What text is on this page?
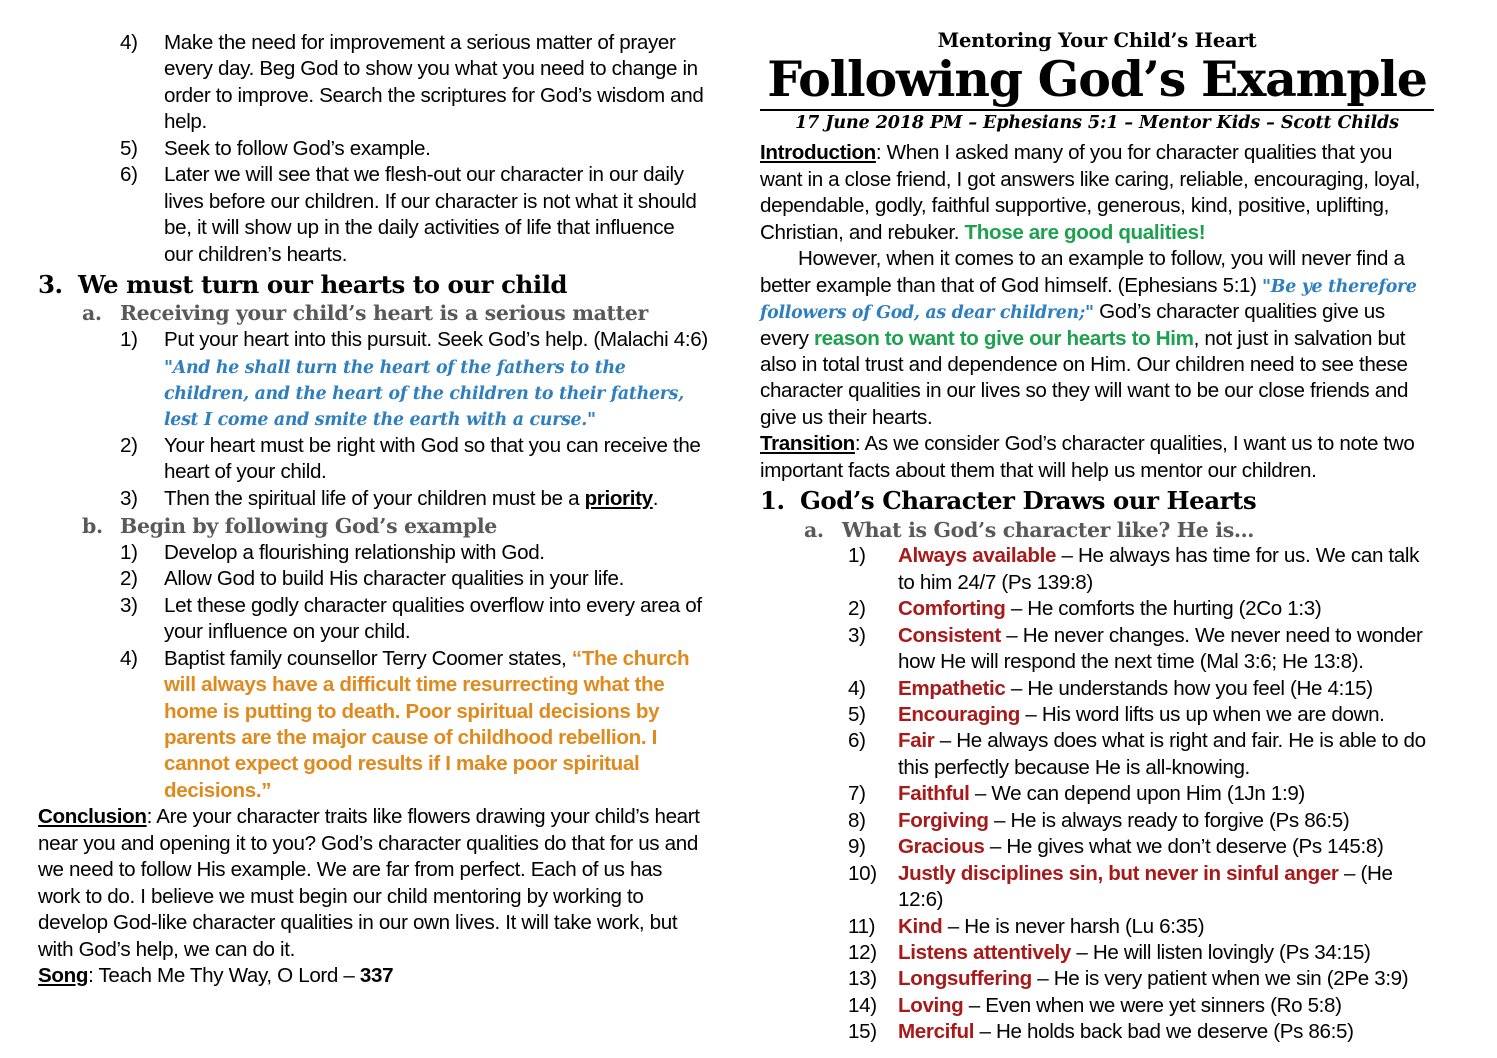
4)	Make the need for improvement a serious matter of prayer every day. Beg God to show you what you need to change in order to improve. Search the scriptures for God’s wisdom and help.
5)	Seek to follow God’s example.
6)	Later we will see that we flesh-out our character in our daily lives before our children. If our character is not what it should be, it will show up in the daily activities of life that influence our children’s hearts.
3. We must turn our hearts to our child
a. Receiving your child’s heart is a serious matter
1)	Put your heart into this pursuit. Seek God’s help. (Malachi 4:6) "And he shall turn the heart of the fathers to the children, and the heart of the children to their fathers, lest I come and smite the earth with a curse."
2)	Your heart must be right with God so that you can receive the heart of your child.
3)	Then the spiritual life of your children must be a priority.
b. Begin by following God’s example
1)	Develop a flourishing relationship with God.
2)	Allow God to build His character qualities in your life.
3)	Let these godly character qualities overflow into every area of your influence on your child.
4)	Baptist family counsellor Terry Coomer states, “The church will always have a difficult time resurrecting what the home is putting to death. Poor spiritual decisions by parents are the major cause of childhood rebellion. I cannot expect good results if I make poor spiritual decisions.”

Conclusion: Are your character traits like flowers drawing your child’s heart near you and opening it to you? God’s character qualities do that for us and we need to follow His example. We are far from perfect. Each of us has work to do. I believe we must begin our child mentoring by working to develop God-like character qualities in our own lives. It will take work, but with God’s help, we can do it.

Song: Teach Me Thy Way, O Lord – 337

Mentoring Your Child’s Heart
Following God’s Example
17 June 2018 PM – Ephesians 5:1 – Mentor Kids – Scott Childs

Introduction: When I asked many of you for character qualities that you want in a close friend, I got answers like caring, reliable, encouraging, loyal, dependable, godly, faithful supportive, generous, kind, positive, uplifting, Christian, and rebuker. Those are good qualities!

However, when it comes to an example to follow, you will never find a better example than that of God himself. (Ephesians 5:1) "Be ye therefore followers of God, as dear children;" God’s character qualities give us every reason to want to give our hearts to Him, not just in salvation but also in total trust and dependence on Him. Our children need to see these character qualities in our lives so they will want to be our close friends and give us their hearts.

Transition: As we consider God’s character qualities, I want us to note two important facts about them that will help us mentor our children.

1. God’s Character Draws our Hearts
a. What is God’s character like? He is…
1)	Always available – He always has time for us. We can talk to him 24/7 (Ps 139:8)
2)	Comforting – He comforts the hurting (2Co 1:3)
3)	Consistent – He never changes. We never need to wonder how He will respond the next time (Mal 3:6; He 13:8).
4)	Empathetic – He understands how you feel (He 4:15)
5)	Encouraging – His word lifts us up when we are down.
6)	Fair – He always does what is right and fair. He is able to do this perfectly because He is all-knowing.
7)	Faithful – We can depend upon Him (1Jn 1:9)
8)	Forgiving – He is always ready to forgive (Ps 86:5)
9)	Gracious – He gives what we don’t deserve (Ps 145:8)
10)	Justly disciplines sin, but never in sinful anger – (He 12:6)
11)	Kind – He is never harsh (Lu 6:35)
12)	Listens attentively – He will listen lovingly (Ps 34:15)
13)	Longsuffering – He is very patient when we sin (2Pe 3:9)
14)	Loving – Even when we were yet sinners (Ro 5:8)
15)	Merciful – He holds back bad we deserve (Ps 86:5)
